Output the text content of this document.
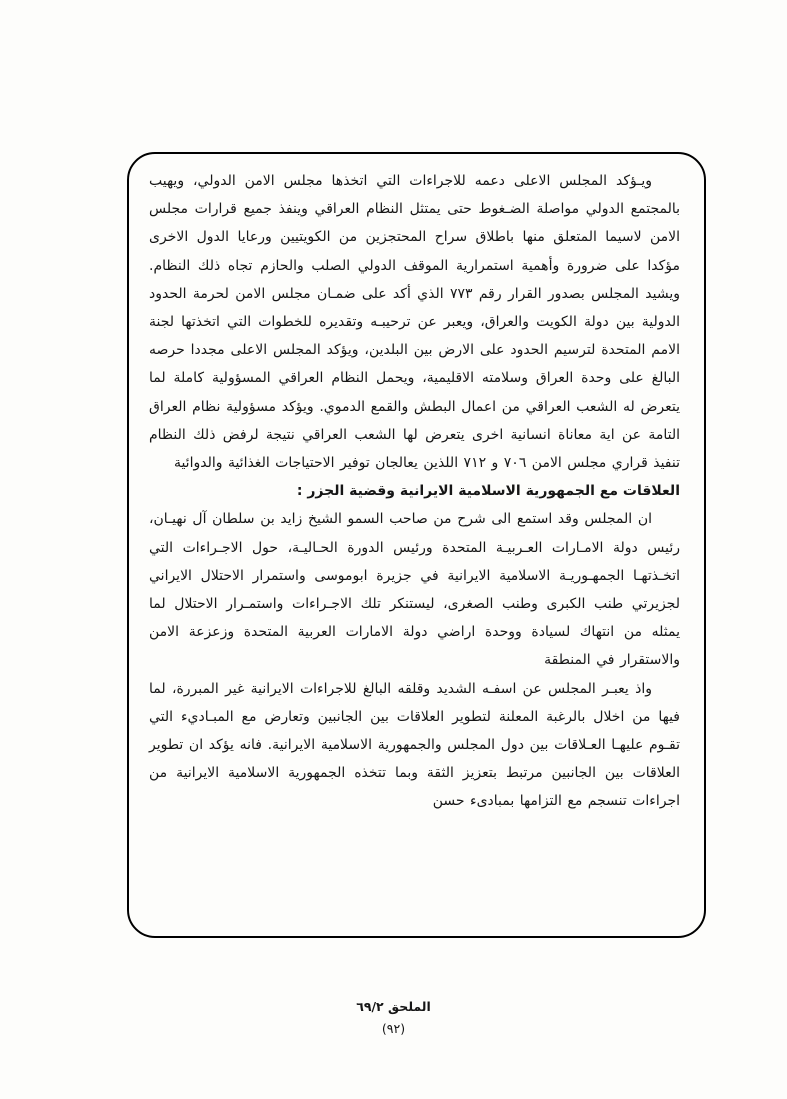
ويـؤكد المجلس الاعلى دعمه للاجراءات التي اتخذها مجلس الامن الدولي، ويهيب بالمجتمع الدولي مواصلة الضـغوط حتى يمتثل النظام العراقي وينفذ جميع قرارات مجلس الامن لاسيما المتعلق منها باطلاق سراح المحتجزين من الكويتيين ورعايا الدول الاخرى مؤكدا على ضرورة وأهمية استمرارية الموقف الدولي الصلب والحازم تجاه ذلك النظام. ويشيد المجلس بصدور القرار رقم ٧٧٣ الذي أكد على ضمـان مجلس الامن لحرمة الحدود الدولية بين دولة الكويت والعراق، ويعبر عن ترحيبـه وتقديره للخطوات التي اتخذتها لجنة الامم المتحدة لترسيم الحدود على الارض بين البلدين، ويؤكد المجلس الاعلى مجددا حرصه البالغ على وحدة العراق وسلامته الاقليمية، ويحمل النظام العراقي المسؤولية كاملة لما يتعرض له الشعب العراقي من اعمال البطش والقمع الدموي. ويؤكد مسؤولية نظام العراق التامة عن اية معاناة انسانية اخرى يتعرض لها الشعب العراقي نتيجة لرفض ذلك النظام تنفيذ قراري مجلس الامن ٧٠٦ و ٧١٢ اللذين يعالجان توفير الاحتياجات الغذائية والدوائية

العلاقات مع الجمهورية الاسلامية الايرانية وقضية الجزر :

ان المجلس وقد استمع الى شرح من صاحب السمو الشيخ زايد بن سلطان آل نهيـان، رئيس دولة الامـارات العـربيـة المتحدة ورئيس الدورة الحـاليـة، حول الاجـراءات التي اتخـذتهـا الجمهـوريـة الاسلامية الايرانية في جزيرة ابوموسى واستمرار الاحتلال الايراني لجزيرتي طنب الكبرى وطنب الصغرى، ليستنكر تلك الاجـراءات واستمـرار الاحتلال لما يمثله من انتهاك لسيادة ووحدة اراضي دولة الامارات العربية المتحدة وزعزعة الامن والاستقرار في المنطقة

واذ يعبـر المجلس عن اسفـه الشديد وقلقه البالغ للاجراءات الايرانية غير المبررة، لما فيها من اخلال بالرغبة المعلنة لتطوير العلاقات بين الجانبين وتعارض مع المبـاديء التي تقـوم عليهـا العـلاقات بين دول المجلس والجمهورية الاسلامية الايرانية. فانه يؤكد ان تطوير العلاقات بين الجانبين مرتبط بتعزيز الثقة وبما تتخذه الجمهورية الاسلامية الايرانية من اجراءات تنسجم مع التزامها بمبادىء حسن

الملحق ٦٩/٢
(٩٢)
